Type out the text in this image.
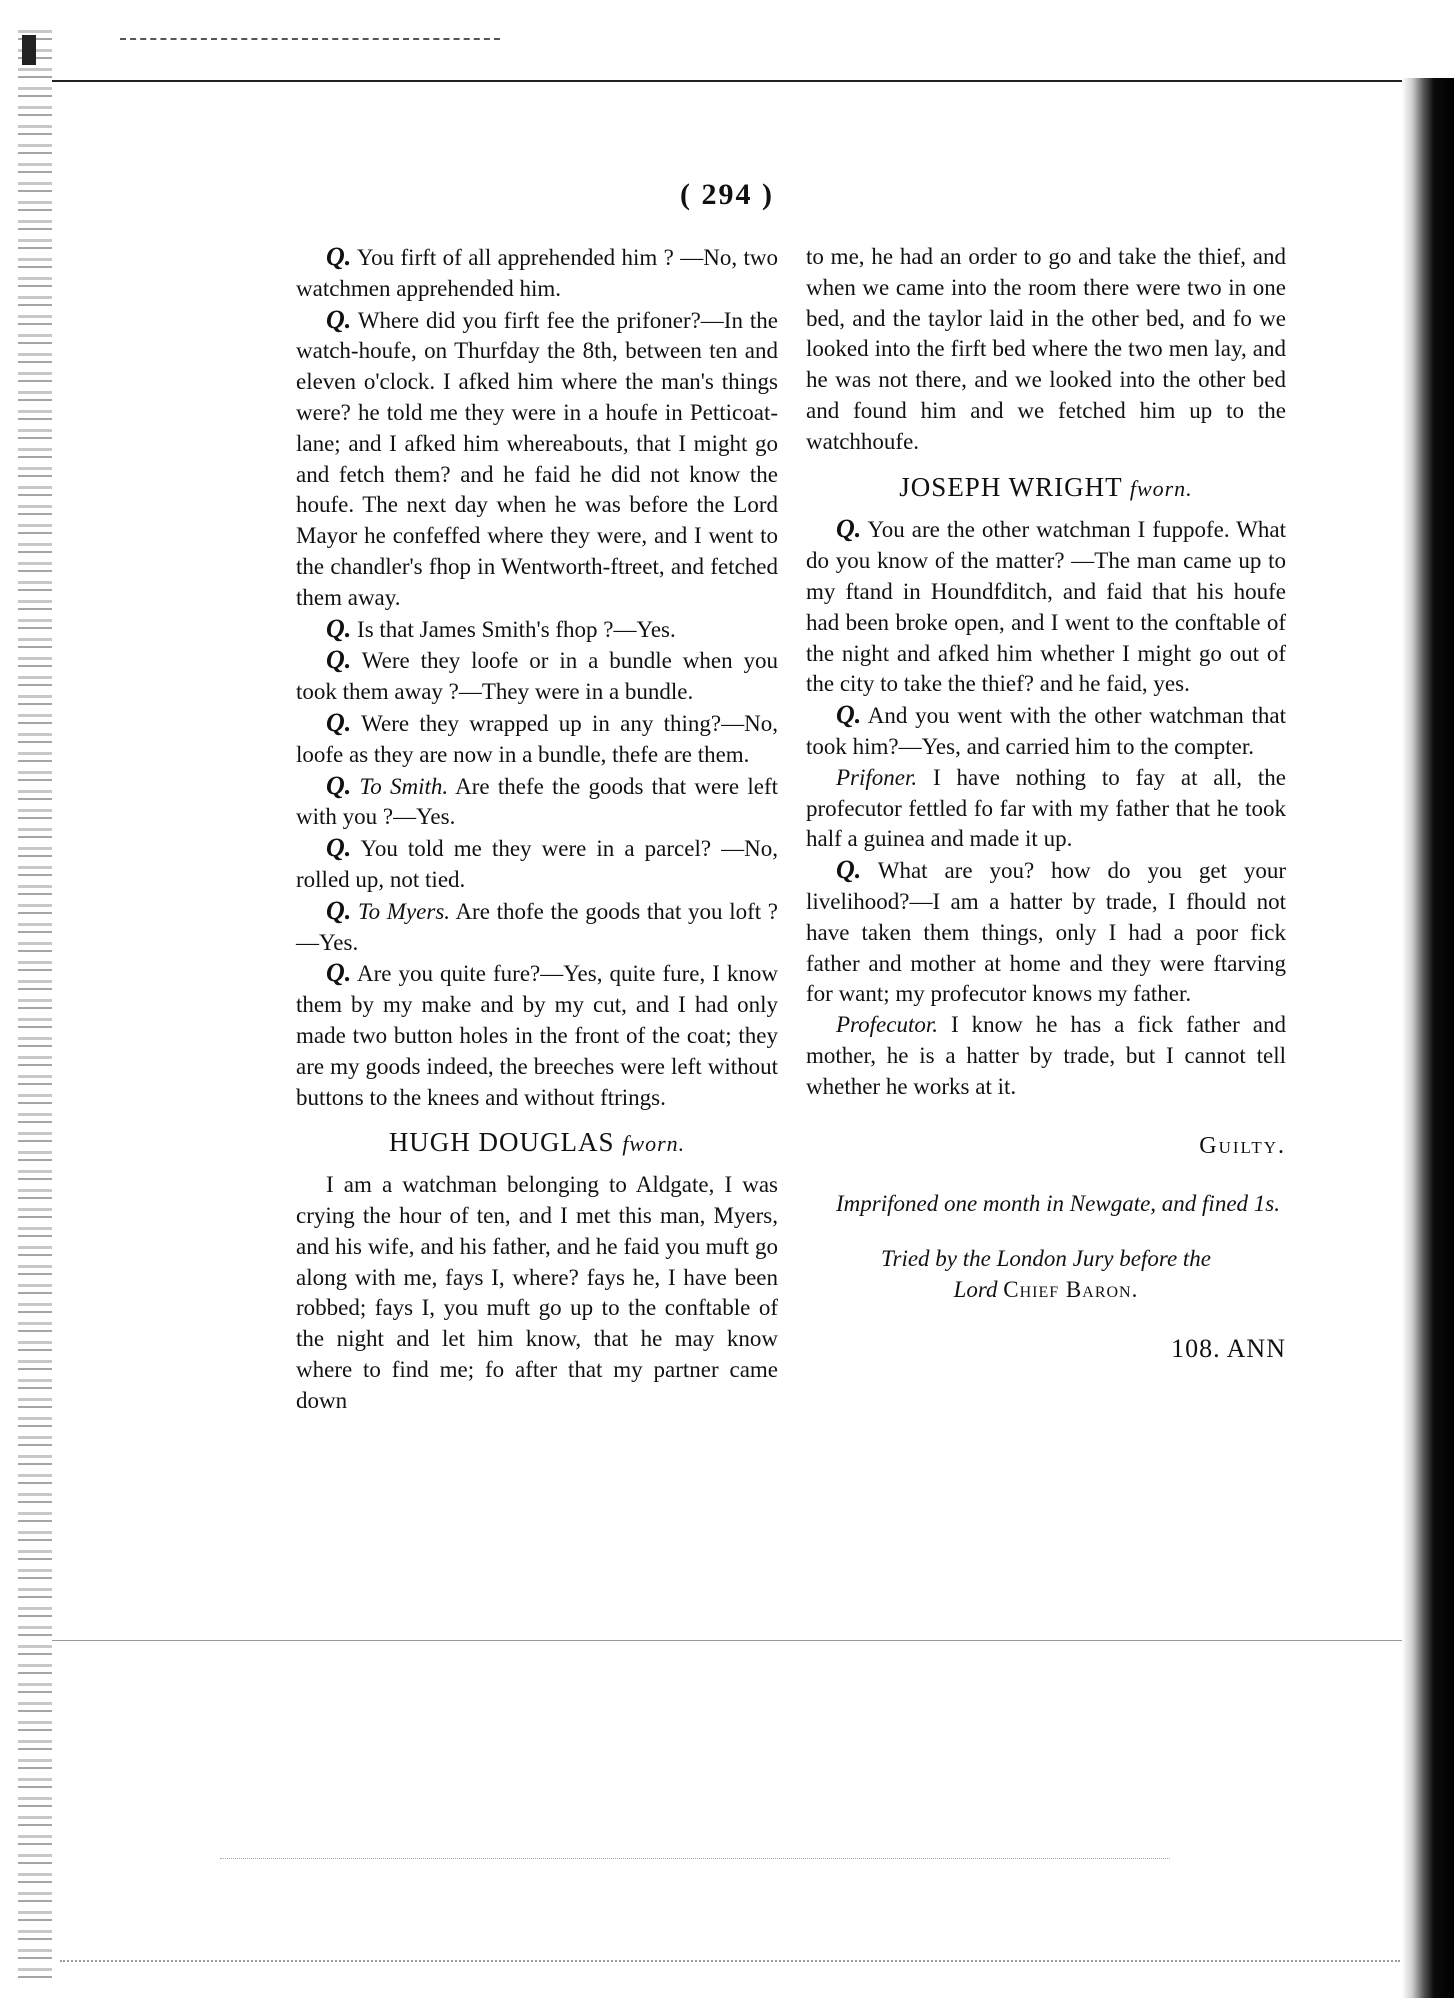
( 294 )

Q. You firft of all apprehended him ? —No, two watchmen apprehended him.

Q. Where did you firft fee the prifoner?—In the watch-houfe, on Thurfday the 8th, between ten and eleven o'clock. I afked him where the man's things were? he told me they were in a houfe in Petticoat-lane; and I afked him whereabouts, that I might go and fetch them? and he faid he did not know the houfe. The next day when he was before the Lord Mayor he confeffed where they were, and I went to the chandler's fhop in Wentworth-ftreet, and fetched them away.

Q. Is that James Smith's fhop ?—Yes.

Q. Were they loofe or in a bundle when you took them away ?—They were in a bundle.

Q. Were they wrapped up in any thing?—No, loofe as they are now in a bundle, thefe are them.

Q. To Smith. Are thefe the goods that were left with you ?—Yes.

Q. You told me they were in a parcel? —No, rolled up, not tied.

Q. To Myers. Are thofe the goods that you loft ?—Yes.

Q. Are you quite fure?—Yes, quite fure, I know them by my make and by my cut, and I had only made two button holes in the front of the coat; they are my goods indeed, the breeches were left without buttons to the knees and without ftrings.

HUGH DOUGLAS fworn.

I am a watchman belonging to Aldgate, I was crying the hour of ten, and I met this man, Myers, and his wife, and his father, and he faid you muft go along with me, fays I, where? fays he, I have been robbed; fays I, you muft go up to the conftable of the night and let him know, that he may know where to find me; fo after that my partner came down

to me, he had an order to go and take the thief, and when we came into the room there were two in one bed, and the taylor laid in the other bed, and fo we looked into the firft bed where the two men lay, and he was not there, and we looked into the other bed and found him and we fetched him up to the watchhoufe.

JOSEPH WRIGHT fworn.

Q. You are the other watchman I fuppofe. What do you know of the matter? —The man came up to my ftand in Houndfditch, and faid that his houfe had been broke open, and I went to the conftable of the night and afked him whether I might go out of the city to take the thief? and he faid, yes.

Q. And you went with the other watchman that took him?—Yes, and carried him to the compter.

Prifoner. I have nothing to fay at all, the profecutor fettled fo far with my father that he took half a guinea and made it up.

Q. What are you? how do you get your livelihood?—I am a hatter by trade, I fhould not have taken them things, only I had a poor fick father and mother at home and they were ftarving for want; my profecutor knows my father.

Profecutor. I know he has a fick father and mother, he is a hatter by trade, but I cannot tell whether he works at it.

Guilty.

Imprifoned one month in Newgate, and fined 1s.

Tried by the London Jury before the

Lord Chief Baron.

108. ANN
